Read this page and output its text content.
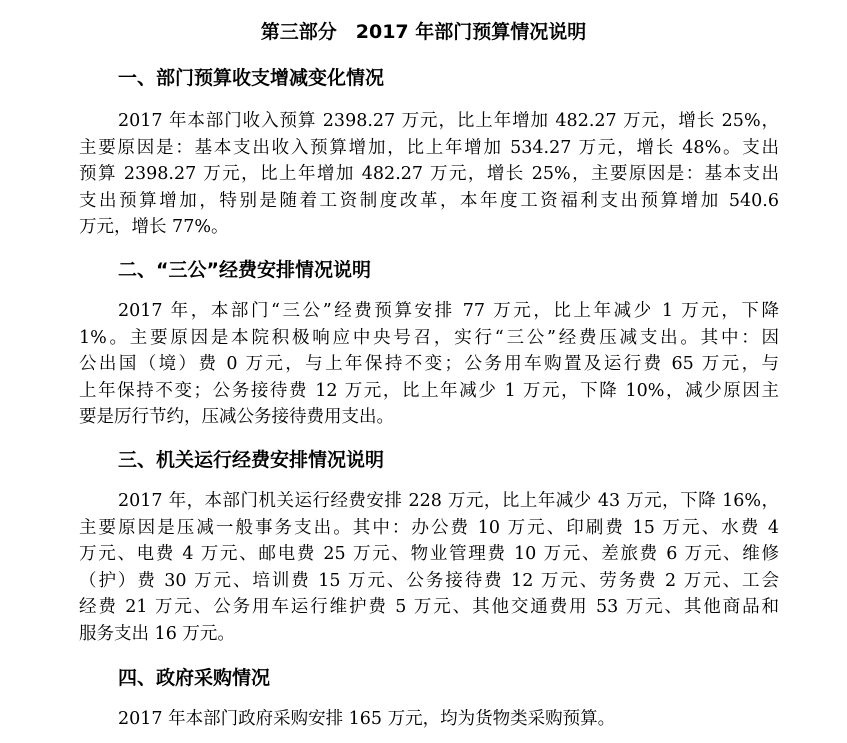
第三部分　2017 年部门预算情况说明
一、部门预算收支增减变化情况
2017 年本部门收入预算 2398.27 万元，比上年增加 482.27 万元，增长 25%，
主要原因是：基本支出收入预算增加，比上年增加 534.27 万元，增长 48%。支出
预算 2398.27 万元，比上年增加 482.27 万元，增长 25%，主要原因是：基本支出
支出预算增加，特别是随着工资制度改革，本年度工资福利支出预算增加 540.6
万元，增长 77%。
二、“三公”经费安排情况说明
2017 年，本部门“三公”经费预算安排 77 万元，比上年减少 1 万元，下降
1%。主要原因是本院积极响应中央号召，实行“三公”经费压减支出。其中：因
公出国（境）费 0 万元，与上年保持不变；公务用车购置及运行费 65 万元，与
上年保持不变；公务接待费 12 万元，比上年减少 1 万元，下降 10%，减少原因主
要是厉行节约，压减公务接待费用支出。
三、机关运行经费安排情况说明
2017 年，本部门机关运行经费安排 228 万元，比上年减少 43 万元，下降 16%，
主要原因是压减一般事务支出。其中：办公费 10 万元、印刷费 15 万元、水费 4
万元、电费 4 万元、邮电费 25 万元、物业管理费 10 万元、差旅费 6 万元、维修
（护）费 30 万元、培训费 15 万元、公务接待费 12 万元、劳务费 2 万元、工会
经费 21 万元、公务用车运行维护费 5 万元、其他交通费用 53 万元、其他商品和
服务支出 16 万元。
四、政府采购情况
2017 年本部门政府采购安排 165 万元，均为货物类采购预算。
